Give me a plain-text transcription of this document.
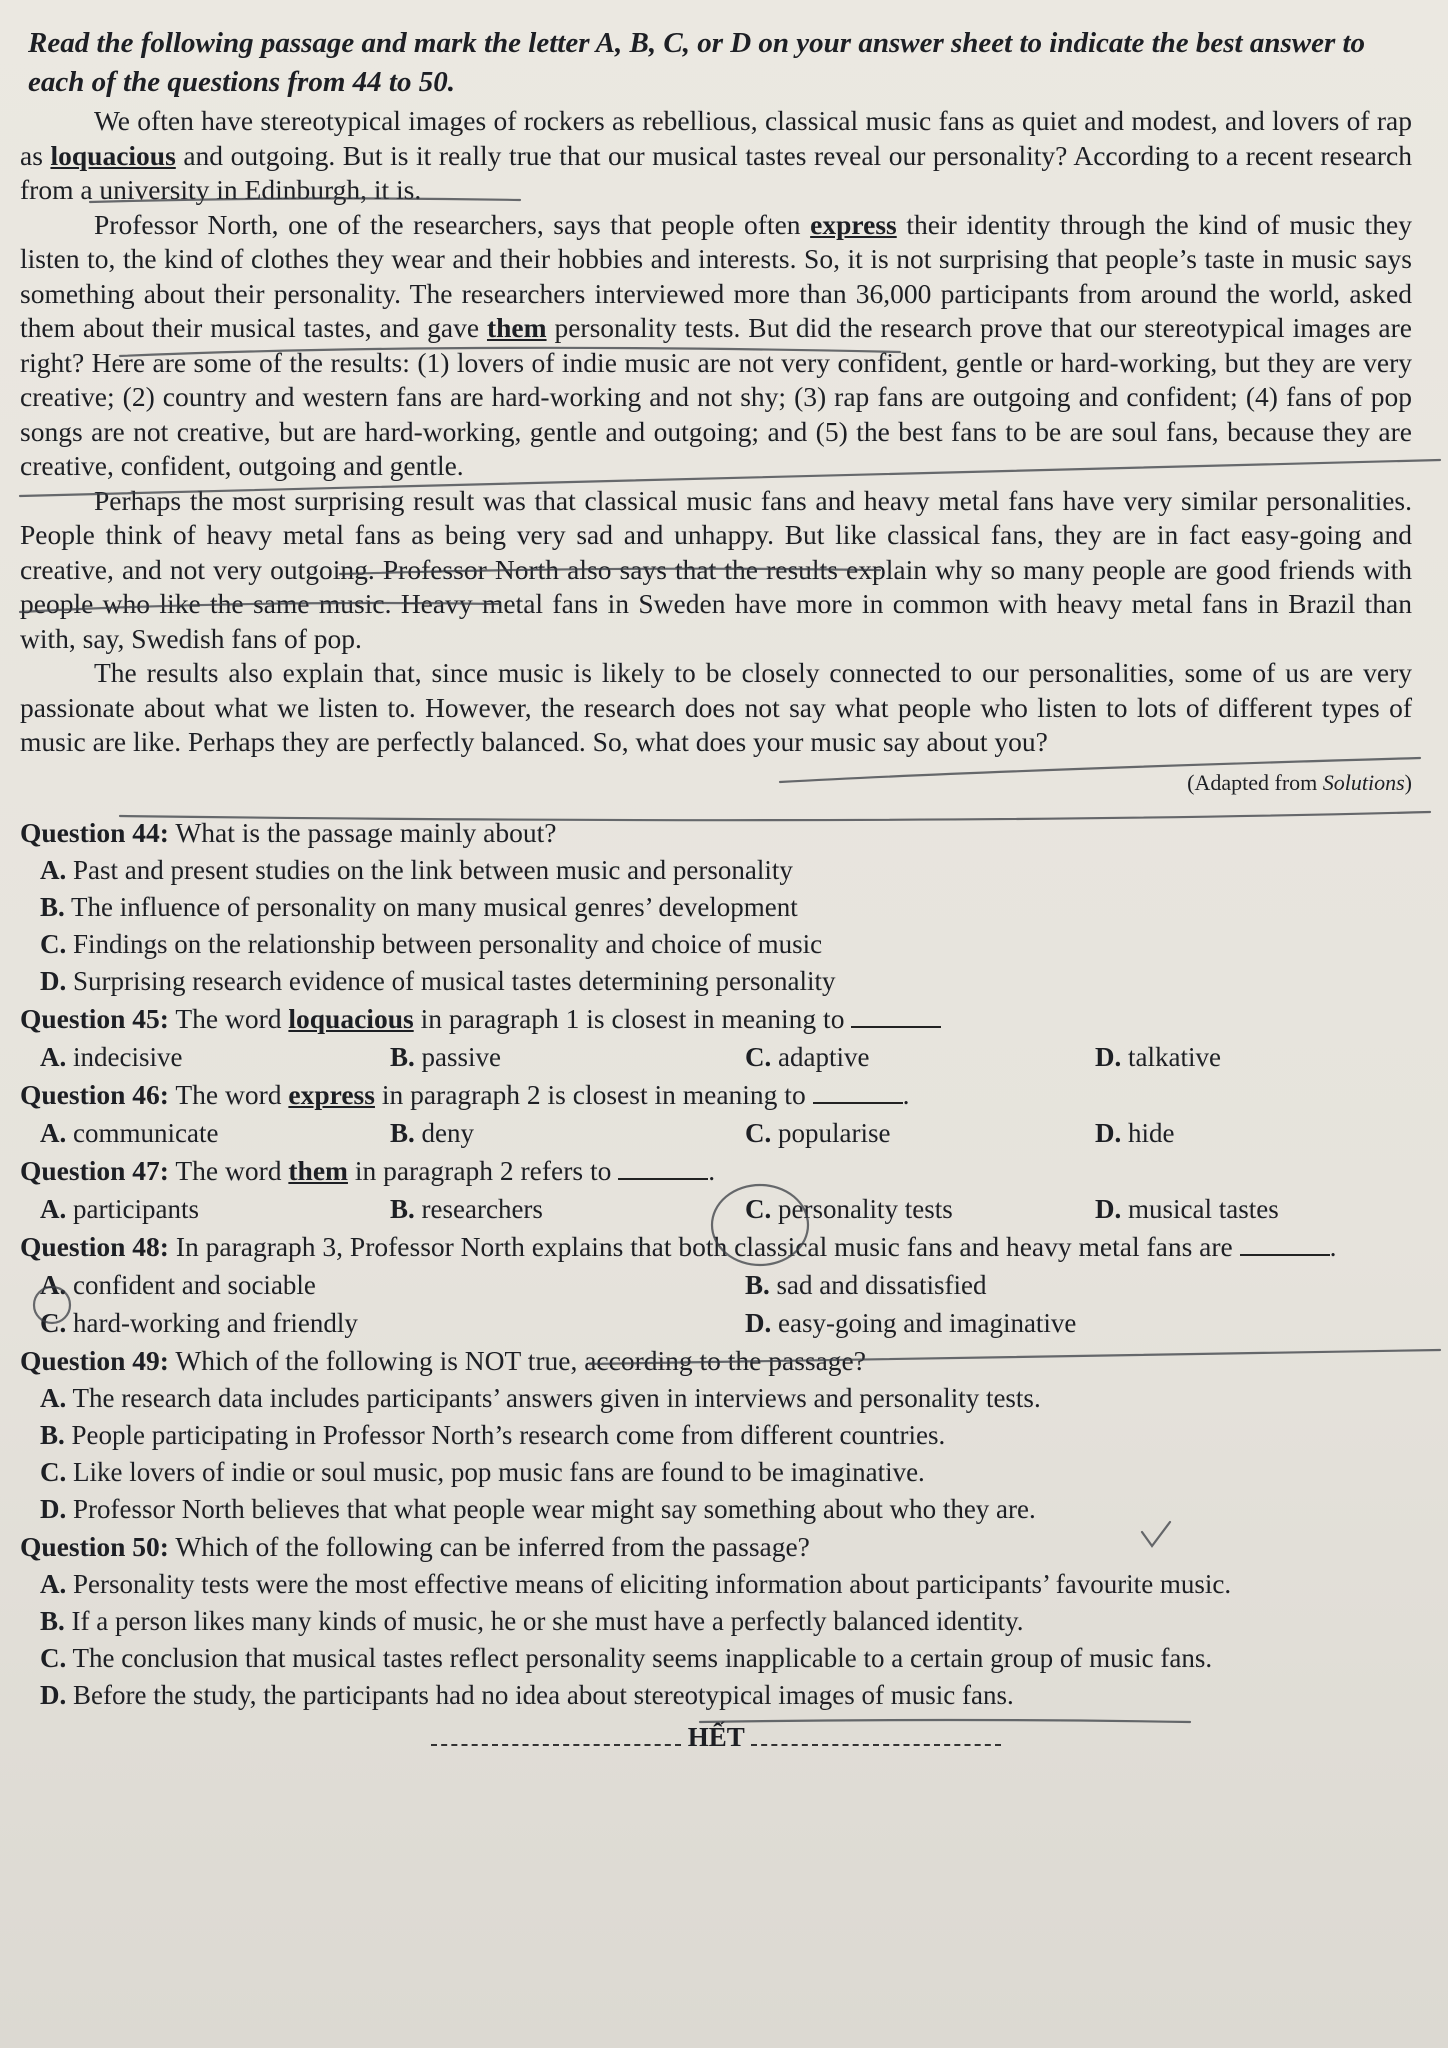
Read the following passage and mark the letter A, B, C, or D on your answer sheet to indicate the best answer to each of the questions from 44 to 50.

We often have stereotypical images of rockers as rebellious, classical music fans as quiet and modest, and lovers of rap as loquacious and outgoing. But is it really true that our musical tastes reveal our personality? According to a recent research from a university in Edinburgh, it is.

Professor North, one of the researchers, says that people often express their identity through the kind of music they listen to, the kind of clothes they wear and their hobbies and interests. So, it is not surprising that people’s taste in music says something about their personality. The researchers interviewed more than 36,000 participants from around the world, asked them about their musical tastes, and gave them personality tests. But did the research prove that our stereotypical images are right? Here are some of the results: (1) lovers of indie music are not very confident, gentle or hard-working, but they are very creative; (2) country and western fans are hard-working and not shy; (3) rap fans are outgoing and confident; (4) fans of pop songs are not creative, but are hard-working, gentle and outgoing; and (5) the best fans to be are soul fans, because they are creative, confident, outgoing and gentle.

Perhaps the most surprising result was that classical music fans and heavy metal fans have very similar personalities. People think of heavy metal fans as being very sad and unhappy. But like classical fans, they are in fact easy-going and creative, and not very outgoing. Professor North also says that the results explain why so many people are good friends with people who like the same music. Heavy metal fans in Sweden have more in common with heavy metal fans in Brazil than with, say, Swedish fans of pop.

The results also explain that, since music is likely to be closely connected to our personalities, some of us are very passionate about what we listen to. However, the research does not say what people who listen to lots of different types of music are like. Perhaps they are perfectly balanced. So, what does your music say about you?

(Adapted from Solutions)

Question 44: What is the passage mainly about?

A. Past and present studies on the link between music and personality
B. The influence of personality on many musical genres’ development
C. Findings on the relationship between personality and choice of music
D. Surprising research evidence of musical tastes determining personality

Question 45: The word loquacious in paragraph 1 is closest in meaning to

A. indecisive	B. passive	C. adaptive	D. talkative

Question 46: The word express in paragraph 2 is closest in meaning to	.

A. communicate	B. deny	C. popularise	D. hide

Question 47: The word them in paragraph 2 refers to	.

A. participants	B. researchers	C. personality tests	D. musical tastes

Question 48: In paragraph 3, Professor North explains that both classical music fans and heavy metal fans are	.

A. confident and sociable	B. sad and dissatisfied
C. hard-working and friendly	D. easy-going and imaginative

Question 49: Which of the following is NOT true, according to the passage?

A. The research data includes participants’ answers given in interviews and personality tests.
B. People participating in Professor North’s research come from different countries.
C. Like lovers of indie or soul music, pop music fans are found to be imaginative.
D. Professor North believes that what people wear might say something about who they are.

Question 50: Which of the following can be inferred from the passage?

A. Personality tests were the most effective means of eliciting information about participants’ favourite music.
B. If a person likes many kinds of music, he or she must have a perfectly balanced identity.
C. The conclusion that musical tastes reflect personality seems inapplicable to a certain group of music fans.
D. Before the study, the participants had no idea about stereotypical images of music fans.
HẾT
